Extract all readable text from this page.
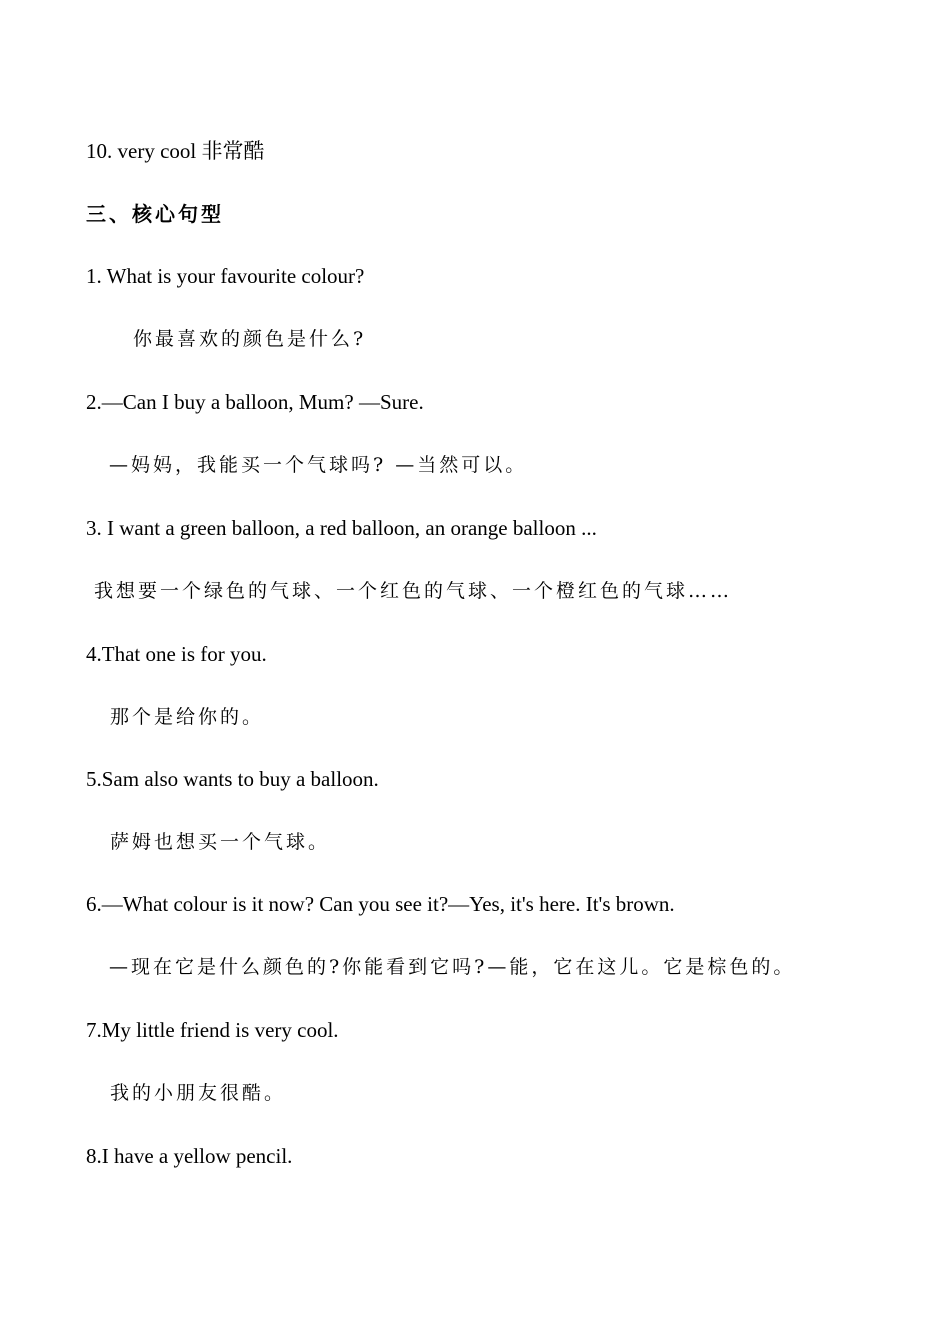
10. very cool 非常酷
三、核心句型
1. What is your favourite colour?
你最喜欢的颜色是什么?
2.—Can I buy a balloon, Mum? —Sure.
—妈妈，我能买一个气球吗? —当然可以。
3. I want a green balloon, a red balloon, an orange balloon ...
我想要一个绿色的气球、一个红色的气球、一个橙红色的气球……
4.That one is for you.
那个是给你的。
5.Sam also wants to buy a balloon.
萨姆也想买一个气球。
6.—What colour is it now? Can you see it?—Yes, it's here. It's brown.
—现在它是什么颜色的?你能看到它吗?—能，它在这儿。它是棕色的。
7.My little friend is very cool.
我的小朋友很酷。
8.I have a yellow pencil.
